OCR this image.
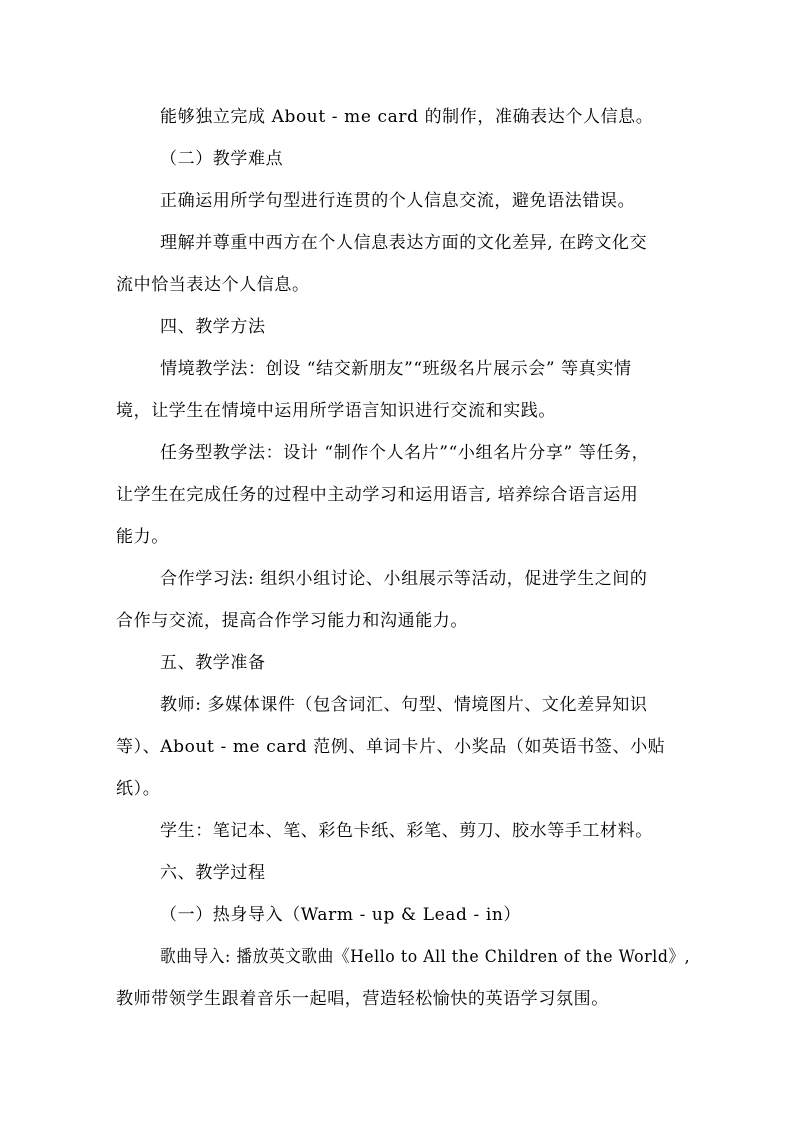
能够独立完成 About - me card 的制作，准确表达个人信息。
（二）教学难点
正确运用所学句型进行连贯的个人信息交流，避免语法错误。
理解并尊重中西方在个人信息表达方面的文化差异, 在跨文化交
流中恰当表达个人信息。
四、教学方法
情境教学法：创设 “结交新朋友”“班级名片展示会” 等真实情
境，让学生在情境中运用所学语言知识进行交流和实践。
任务型教学法：设计 “制作个人名片”“小组名片分享” 等任务，
让学生在完成任务的过程中主动学习和运用语言, 培养综合语言运用
能力。
合作学习法: 组织小组讨论、小组展示等活动，促进学生之间的
合作与交流，提高合作学习能力和沟通能力。
五、教学准备
教师: 多媒体课件（包含词汇、句型、情境图片、文化差异知识
等）、About - me card 范例、单词卡片、小奖品（如英语书签、小贴
纸）。
学生：笔记本、笔、彩色卡纸、彩笔、剪刀、胶水等手工材料。
六、教学过程
（一）热身导入（Warm - up & Lead - in）
歌曲导入: 播放英文歌曲《Hello to All the Children of the World》,
教师带领学生跟着音乐一起唱，营造轻松愉快的英语学习氛围。
